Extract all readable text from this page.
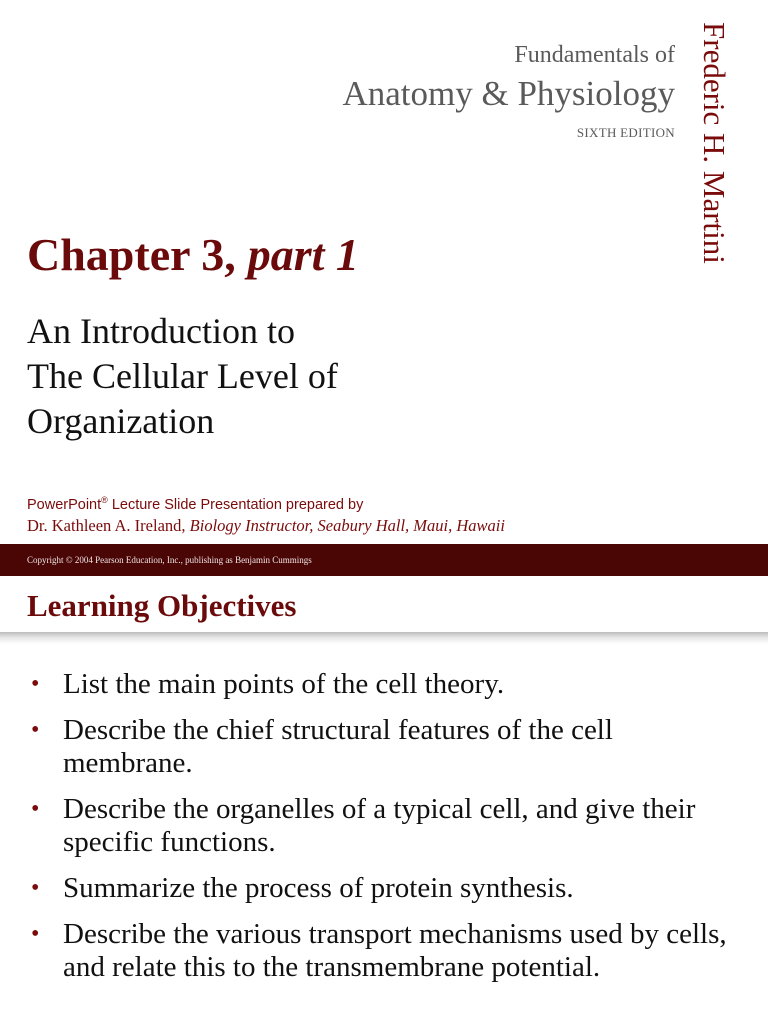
Fundamentals of
Anatomy & Physiology
SIXTH EDITION Frederic H. Martini
Chapter 3, part 1
An Introduction to
The Cellular Level of
Organization
PowerPoint® Lecture Slide Presentation prepared by
Dr. Kathleen A. Ireland, Biology Instructor, Seabury Hall, Maui, Hawaii
Copyright © 2004 Pearson Education, Inc., publishing as Benjamin Cummings
Learning Objectives
• List the main points of the cell theory.
• Describe the chief structural features of the cell membrane.
• Describe the organelles of a typical cell, and give their specific functions.
• Summarize the process of protein synthesis.
• Describe the various transport mechanisms used by cells, and relate this to the transmembrane potential.
